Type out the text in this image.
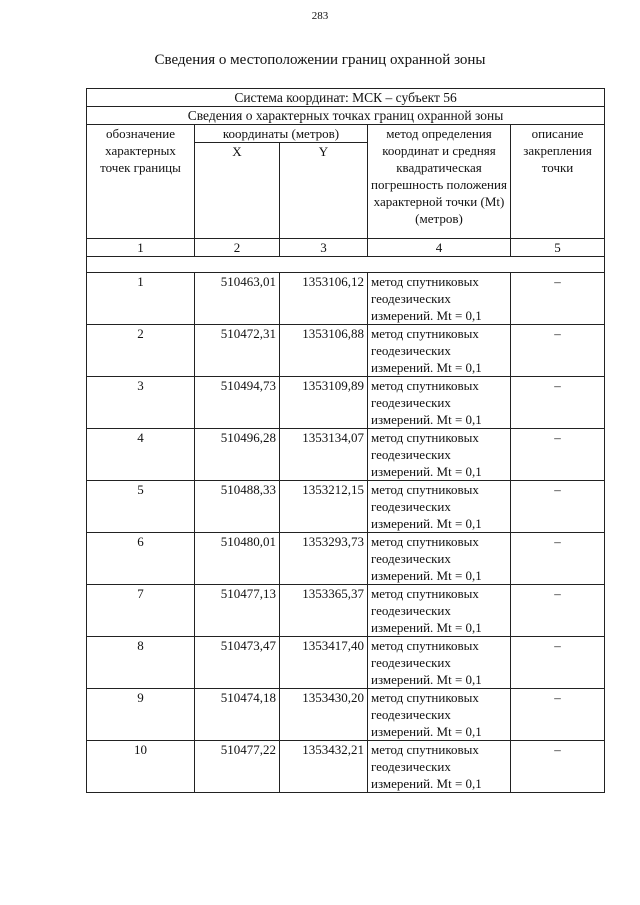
283
Сведения о местоположении границ охранной зоны
Система координат: МСК – субъект 56				
Сведения о характерных точках границ охранной зоны				
обозначение характерных точек границы	координаты (метров)		метод определения координат и средняя квадратическая погрешность положения характерной точки (Mt) (метров)	описание закрепления точки
	X	Y		
1	2	3	4	5

1	510463,01	1353106,12	метод спутниковых геодезических измерений. Mt = 0,1	–
2	510472,31	1353106,88	метод спутниковых геодезических измерений. Mt = 0,1	–
3	510494,73	1353109,89	метод спутниковых геодезических измерений. Mt = 0,1	–
4	510496,28	1353134,07	метод спутниковых геодезических измерений. Mt = 0,1	–
5	510488,33	1353212,15	метод спутниковых геодезических измерений. Mt = 0,1	–
6	510480,01	1353293,73	метод спутниковых геодезических измерений. Mt = 0,1	–
7	510477,13	1353365,37	метод спутниковых геодезических измерений. Mt = 0,1	–
8	510473,47	1353417,40	метод спутниковых геодезических измерений. Mt = 0,1	–
9	510474,18	1353430,20	метод спутниковых геодезических измерений. Mt = 0,1	–
10	510477,22	1353432,21	метод спутниковых геодезических измерений. Mt = 0,1	–
